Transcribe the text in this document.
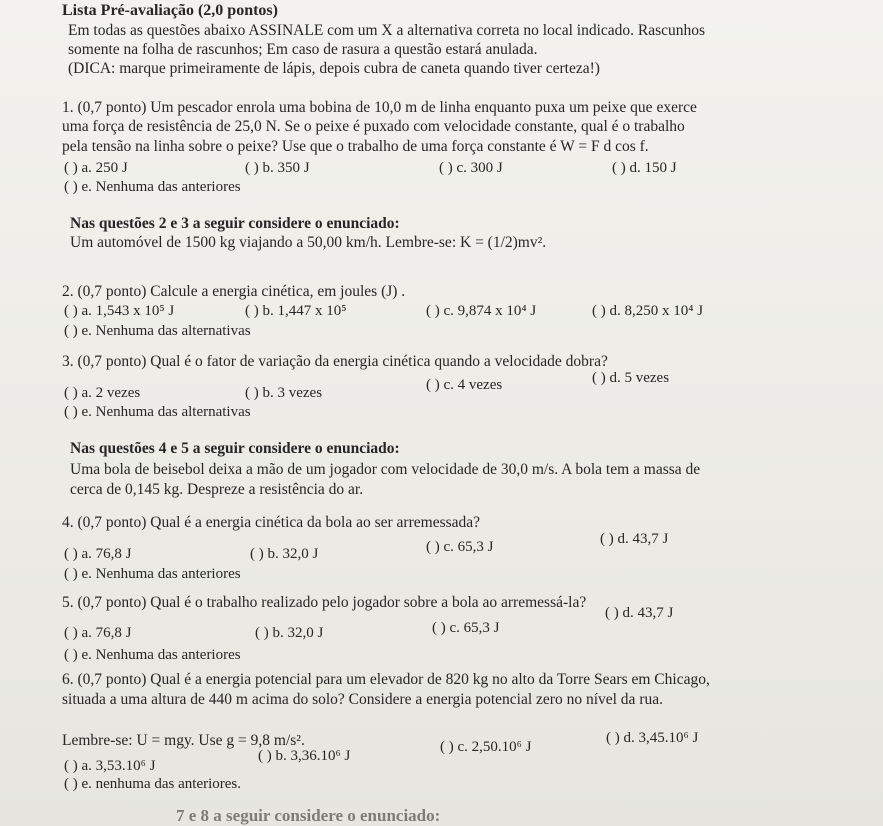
Lista Pré-avaliação (2,0 pontos)
Em todas as questões abaixo ASSINALE com um X a alternativa correta no local indicado. Rascunhos
somente na folha de rascunhos; Em caso de rasura a questão estará anulada.
(DICA: marque primeiramente de lápis, depois cubra de caneta quando tiver certeza!)
1. (0,7 ponto) Um pescador enrola uma bobina de 10,0 m de linha enquanto puxa um peixe que exerce
uma força de resistência de 25,0 N. Se o peixe é puxado com velocidade constante, qual é o trabalho
pela tensão na linha sobre o peixe? Use que o trabalho de uma força constante é W = F d cos f.
( ) a. 250 J	( ) b. 350 J	( ) c. 300 J	( ) d. 150 J
( ) e. Nenhuma das anteriores
Nas questões 2 e 3 a seguir considere o enunciado:
Um automóvel de 1500 kg viajando a 50,00 km/h. Lembre-se: K = (1/2)mv².
2. (0,7 ponto) Calcule a energia cinética, em joules (J) .
( ) a. 1,543 x 10⁵ J	( ) b. 1,447 x 10⁵	( ) c. 9,874 x 10⁴ J	( ) d. 8,250 x 10⁴ J
( ) e. Nenhuma das alternativas
3. (0,7 ponto) Qual é o fator de variação da energia cinética quando a velocidade dobra?
( ) a. 2 vezes	( ) b. 3 vezes	( ) c. 4 vezes	( ) d. 5 vezes
( ) e. Nenhuma das alternativas
Nas questões 4 e 5 a seguir considere o enunciado:
Uma bola de beisebol deixa a mão de um jogador com velocidade de 30,0 m/s. A bola tem a massa de
cerca de 0,145 kg. Despreze a resistência do ar.
4. (0,7 ponto) Qual é a energia cinética da bola ao ser arremessada?
( ) a. 76,8 J	( ) b. 32,0 J	( ) c. 65,3 J	( ) d. 43,7 J
( ) e. Nenhuma das anteriores
5. (0,7 ponto) Qual é o trabalho realizado pelo jogador sobre a bola ao arremessá-la?
( ) a. 76,8 J	( ) b. 32,0 J	( ) c. 65,3 J
( ) d. 43,7 J
( ) e. Nenhuma das anteriores
6. (0,7 ponto) Qual é a energia potencial para um elevador de 820 kg no alto da Torre Sears em Chicago,
situada a uma altura de 440 m acima do solo? Considere a energia potencial zero no nível da rua.
Lembre-se: U = mgy. Use g = 9,8 m/s².
( ) a. 3,53.10⁶ J
( ) b. 3,36.10⁶ J
( ) c. 2,50.10⁶ J
( ) d. 3,45.10⁶ J
( ) e. nenhuma das anteriores.
7 e 8 a seguir considere o enunciado:
